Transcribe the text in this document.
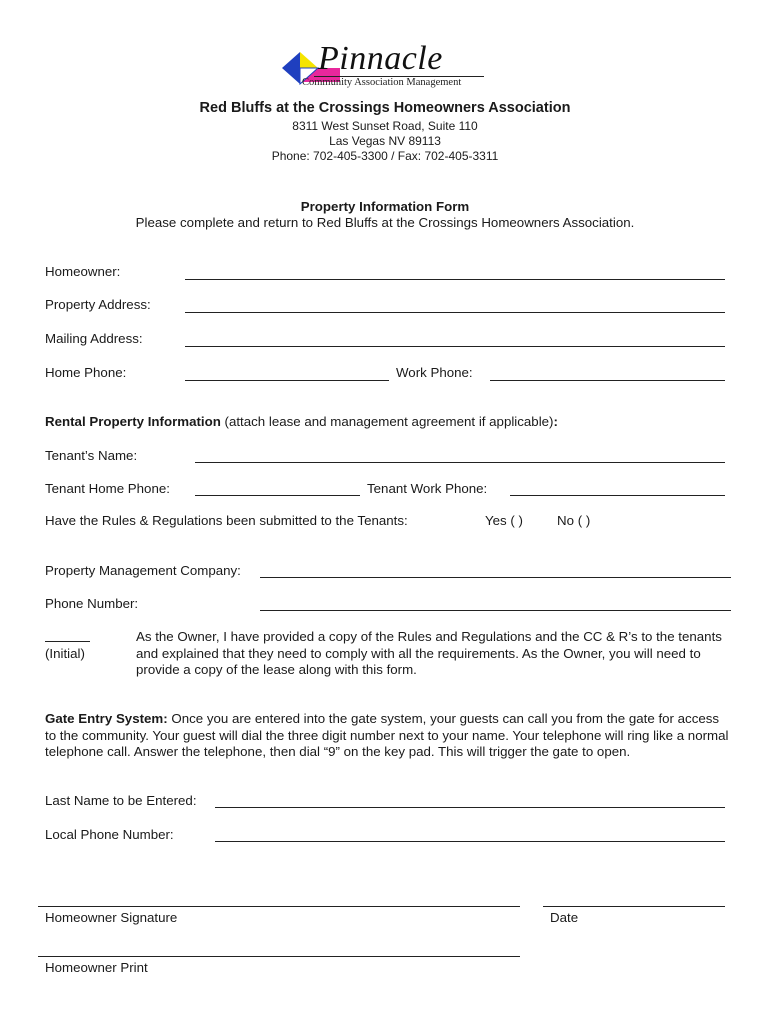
Pinnacle
Community Association Management
Red Bluffs at the Crossings Homeowners Association
8311 West Sunset Road, Suite 110
Las Vegas NV 89113
Phone: 702-405-3300 / Fax: 702-405-3311
Property Information Form
Please complete and return to Red Bluffs at the Crossings Homeowners Association.
Homeowner:
Property Address:
Mailing Address:
Home Phone:	Work Phone:
Rental Property Information (attach lease and management agreement if applicable):
Tenant’s Name:
Tenant Home Phone:	Tenant Work Phone:
Have the Rules & Regulations been submitted to the Tenants:	Yes ( )	No ( )
Property Management Company:
Phone Number:
(Initial)
As the Owner, I have provided a copy of the Rules and Regulations and the CC & R’s to the tenants and explained that they need to comply with all the requirements. As the Owner, you will need to provide a copy of the lease along with this form.
Gate Entry System: Once you are entered into the gate system, your guests can call you from the gate for access to the community. Your guest will dial the three digit number next to your name. Your telephone will ring like a normal telephone call. Answer the telephone, then dial “9” on the key pad. This will trigger the gate to open.
Last Name to be Entered:
Local Phone Number:
Homeowner Signature	Date
Homeowner Print
